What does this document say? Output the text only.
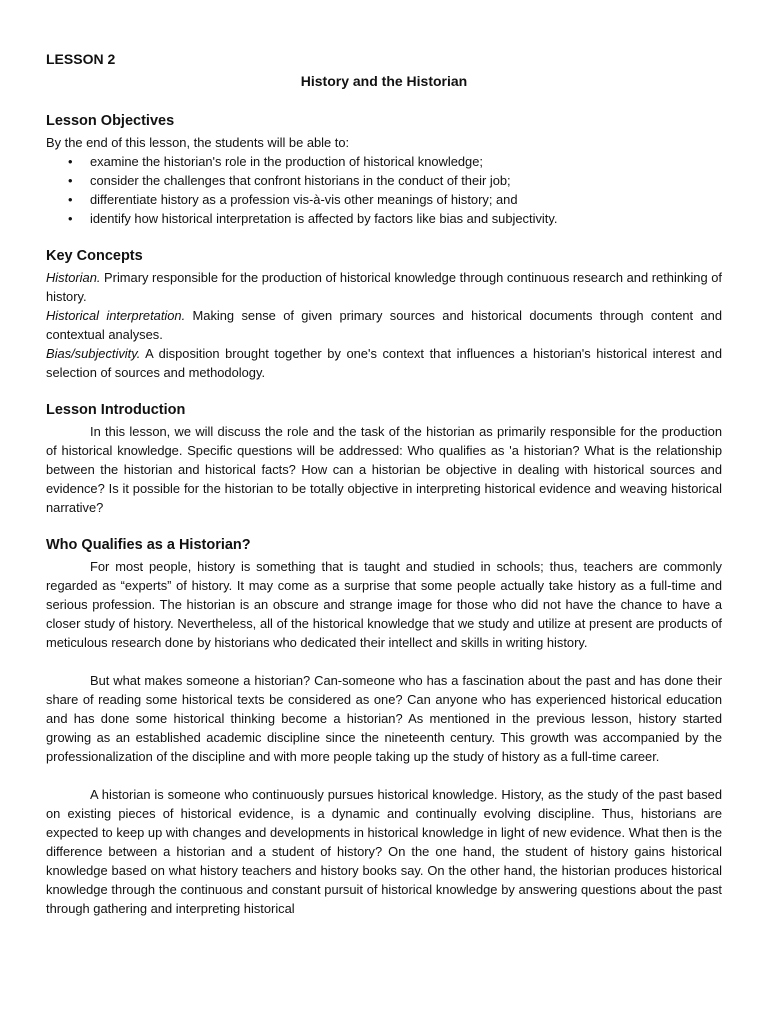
LESSON 2
History and the Historian
Lesson Objectives

By the end of this lesson, the students will be able to:

• examine the historian's role in the production of historical knowledge;
• consider the challenges that confront historians in the conduct of their job;
• differentiate history as a profession vis-à-vis other meanings of history; and
• identify how historical interpretation is affected by factors like bias and subjectivity.
Key Concepts

Historian. Primary responsible for the production of historical knowledge through continuous research and rethinking of history.

Historical interpretation. Making sense of given primary sources and historical documents through content and contextual analyses.

Bias/subjectivity. A disposition brought together by one's context that influences a historian's historical interest and selection of sources and methodology.

Lesson Introduction

In this lesson, we will discuss the role and the task of the historian as primarily responsible for the production of historical knowledge. Specific questions will be addressed: Who qualifies as 'a historian? What is the relationship between the historian and historical facts? How can a historian be objective in dealing with historical sources and evidence? Is it possible for the historian to be totally objective in interpreting historical evidence and weaving historical narrative?

Who Qualifies as a Historian?

For most people, history is something that is taught and studied in schools; thus, teachers are commonly regarded as “experts” of history. It may come as a surprise that some people actually take history as a full-time and serious profession. The historian is an obscure and strange image for those who did not have the chance to have a closer study of history. Nevertheless, all of the historical knowledge that we study and utilize at present are products of meticulous research done by historians who dedicated their intellect and skills in writing history.

But what makes someone a historian? Can-someone who has a fascination about the past and has done their share of reading some historical texts be considered as one? Can anyone who has experienced historical education and has done some historical thinking become a historian? As mentioned in the previous lesson, history started growing as an established academic discipline since the nineteenth century. This growth was accompanied by the professionalization of the discipline and with more people taking up the study of history as a full-time career.

A historian is someone who continuously pursues historical knowledge. History, as the study of the past based on existing pieces of historical evidence, is a dynamic and continually evolving discipline. Thus, historians are expected to keep up with changes and developments in historical knowledge in light of new evidence. What then is the difference between a historian and a student of history? On the one hand, the student of history gains historical knowledge based on what history teachers and history books say. On the other hand, the historian produces historical knowledge through the continuous and constant pursuit of historical knowledge by answering questions about the past through gathering and interpreting historical
